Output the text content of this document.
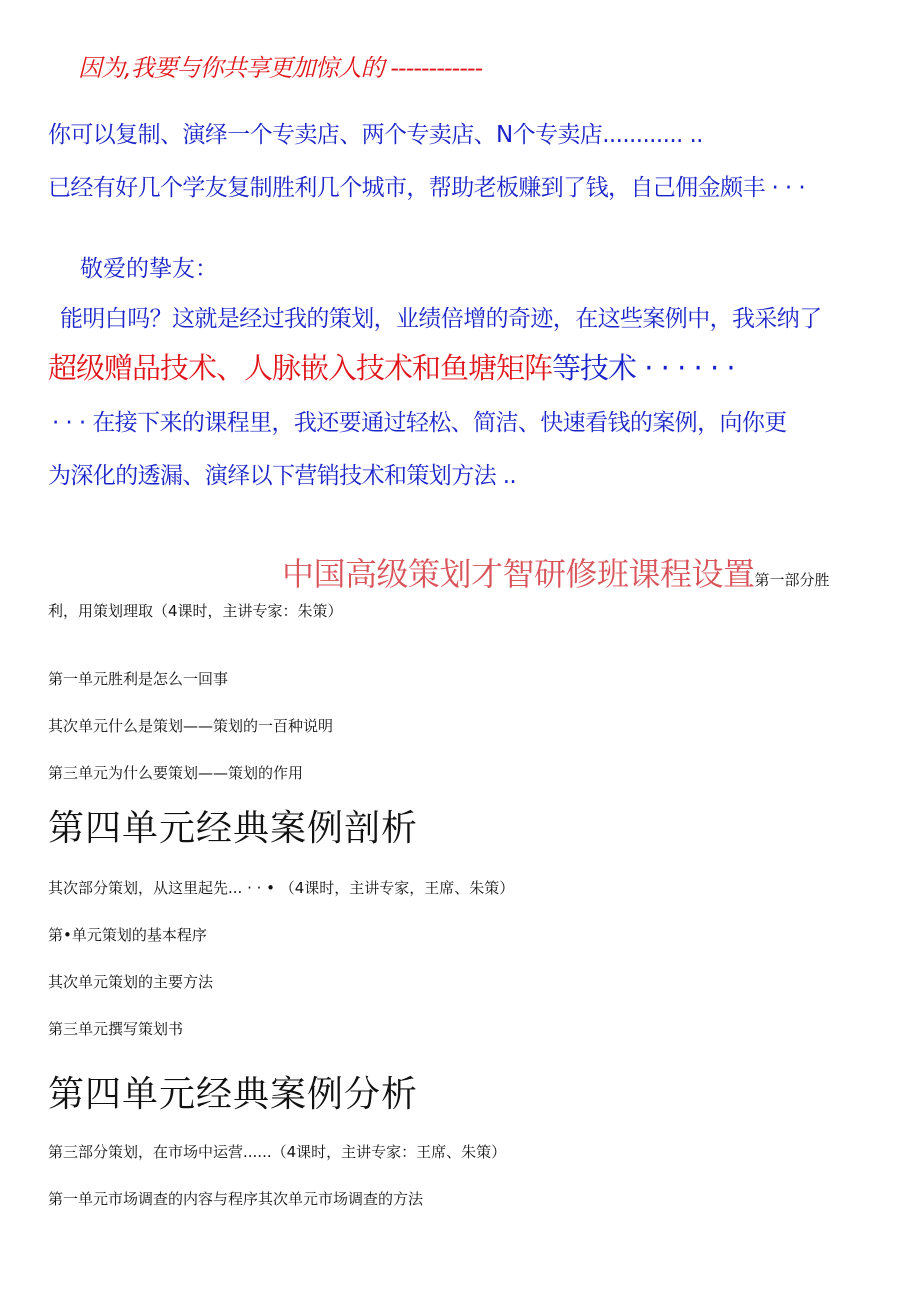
因为,我要与你共享更加惊人的 ------------

你可以复制、演绎一个专卖店、两个专卖店、N个专卖店............ ..

已经有好几个学友复制胜利几个城市，帮助老板赚到了钱，自己佣金颇丰 · · ·

敬爱的挚友：

能明白吗？这就是经过我的策划，业绩倍增的奇迹，在这些案例中，我采纳了

超级赠品技术、人脉嵌入技术和鱼塘矩阵等技术 · · · · · ·

· · · 在接下来的课程里，我还要通过轻松、简洁、快速看钱的案例，向你更

为深化的透漏、演绎以下营销技术和策划方法 ..

中国高级策划才智研修班课程设置第一部分胜

利，用策划理取（4课时，主讲专家：朱策）

第一单元胜利是怎么一回事

其次单元什么是策划——策划的一百种说明

第三单元为什么要策划——策划的作用

第四单元经典案例剖析

其次部分策划，从这里起先... · · • （4课时，主讲专家，王席、朱策）

第•单元策划的基本程序

其次单元策划的主要方法

第三单元撰写策划书

第四单元经典案例分析

第三部分策划，在市场中运营......（4课时，主讲专家：王席、朱策）

第一单元市场调查的内容与程序其次单元市场调查的方法
